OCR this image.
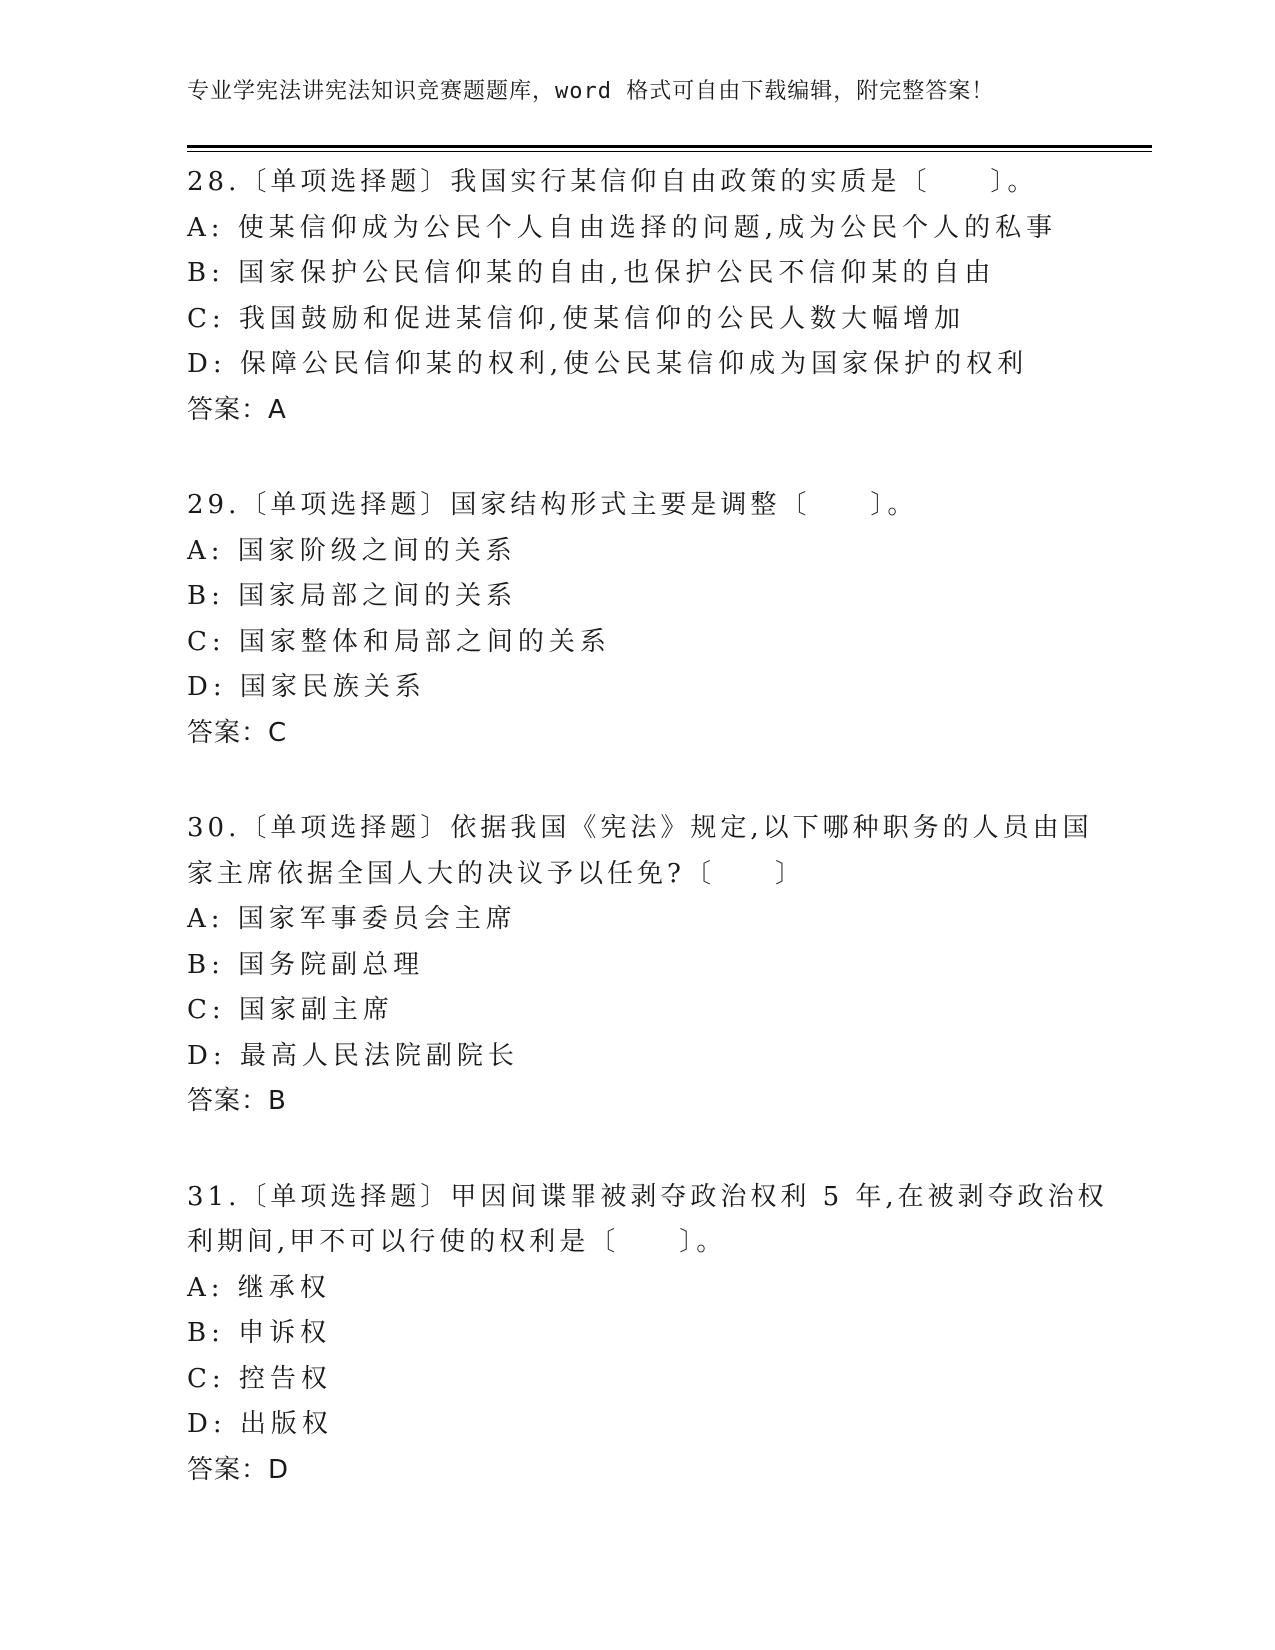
专业学宪法讲宪法知识竞赛题题库，word 格式可自由下载编辑，附完整答案！
28.〔单项选择题〕我国实行某信仰自由政策的实质是〔　　〕。
A: 使某信仰成为公民个人自由选择的问题,成为公民个人的私事
B: 国家保护公民信仰某的自由,也保护公民不信仰某的自由
C: 我国鼓励和促进某信仰,使某信仰的公民人数大幅增加
D: 保障公民信仰某的权利,使公民某信仰成为国家保护的权利
答案：A
29.〔单项选择题〕国家结构形式主要是调整〔　　〕。
A: 国家阶级之间的关系
B: 国家局部之间的关系
C: 国家整体和局部之间的关系
D: 国家民族关系
答案：C
30.〔单项选择题〕依据我国《宪法》规定,以下哪种职务的人员由国
家主席依据全国人大的决议予以任免?〔　　〕
A: 国家军事委员会主席
B: 国务院副总理
C: 国家副主席
D: 最高人民法院副院长
答案：B
31.〔单项选择题〕甲因间谍罪被剥夺政治权利 5 年,在被剥夺政治权
利期间,甲不可以行使的权利是〔　　〕。
A: 继承权
B: 申诉权
C: 控告权
D: 出版权
答案：D
